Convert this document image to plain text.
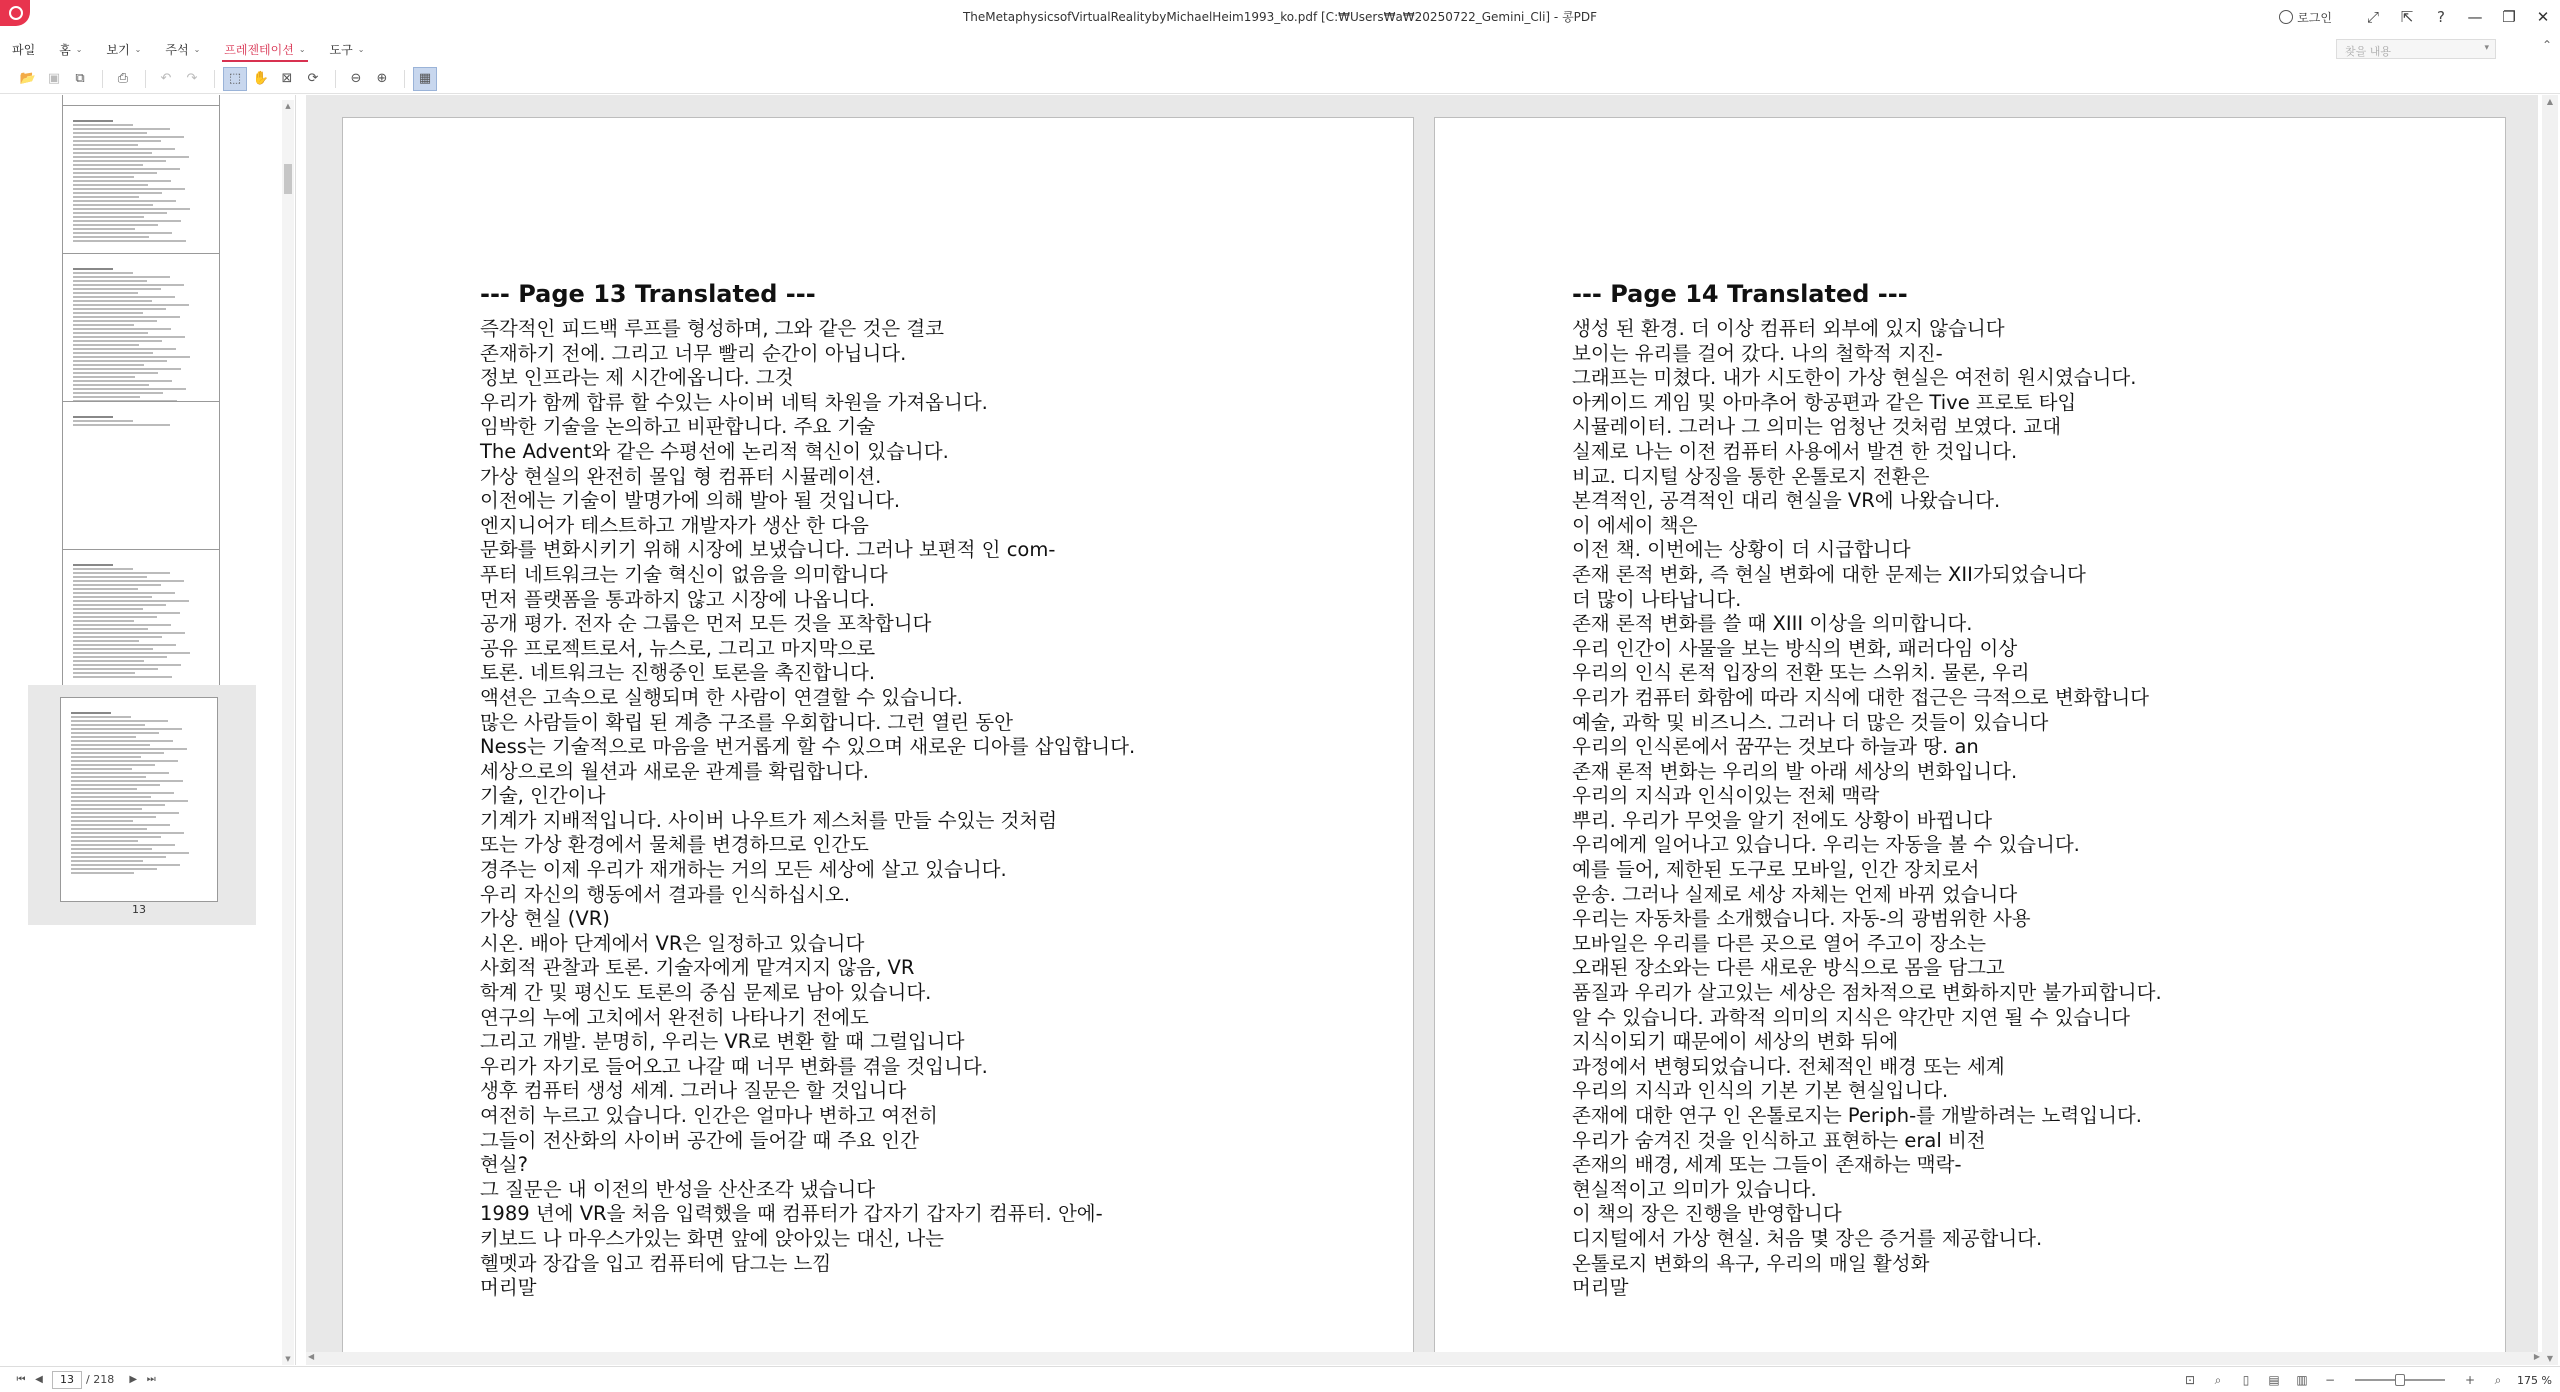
TheMetaphysicsofVirtualRealitybyMichaelHeim1993_ko.pdf [C:₩Users₩a₩20250722_Gemini_Cli] - 콩PDF	로그인	⤢	⇱	?	—	❐	✕
파일 홈 ⌄ 보기 ⌄ 주석 ⌄ 프레젠테이션 ⌄ 도구 ⌄	찾을 내용	▾	⌃
📂 ▣	⧉	⎙	↶	↷	⬚ ✋ ⊠	⟳	⊖	⊕	▦
13
▲
▼
--- Page 13 Translated ---
즉각적인 피드백 루프를 형성하며, 그와 같은 것은 결코
존재하기 전에. 그리고 너무 빨리 순간이 아닙니다.
정보 인프라는 제 시간에옵니다. 그것
우리가 함께 합류 할 수있는 사이버 네틱 차원을 가져옵니다.
임박한 기술을 논의하고 비판합니다. 주요 기술
The Advent와 같은 수평선에 논리적 혁신이 있습니다.
가상 현실의 완전히 몰입 형 컴퓨터 시뮬레이션.
이전에는 기술이 발명가에 의해 발아 될 것입니다.
엔지니어가 테스트하고 개발자가 생산 한 다음
문화를 변화시키기 위해 시장에 보냈습니다. 그러나 보편적 인 com-
푸터 네트워크는 기술 혁신이 없음을 의미합니다
먼저 플랫폼을 통과하지 않고 시장에 나옵니다.
공개 평가. 전자 순 그룹은 먼저 모든 것을 포착합니다
공유 프로젝트로서, 뉴스로, 그리고 마지막으로
토론. 네트워크는 진행중인 토론을 촉진합니다.
액션은 고속으로 실행되며 한 사람이 연결할 수 있습니다.
많은 사람들이 확립 된 계층 구조를 우회합니다. 그런 열린 동안
Ness는 기술적으로 마음을 번거롭게 할 수 있으며 새로운 디아를 삽입합니다.
세상으로의 월션과 새로운 관계를 확립합니다.
기술, 인간이나
기계가 지배적입니다. 사이버 나우트가 제스처를 만들 수있는 것처럼
또는 가상 환경에서 물체를 변경하므로 인간도
경주는 이제 우리가 재개하는 거의 모든 세상에 살고 있습니다.
우리 자신의 행동에서 결과를 인식하십시오.
가상 현실 (VR)
시온. 배아 단계에서 VR은 일정하고 있습니다
사회적 관찰과 토론. 기술자에게 맡겨지지 않음, VR
학계 간 및 평신도 토론의 중심 문제로 남아 있습니다.
연구의 누에 고치에서 완전히 나타나기 전에도
그리고 개발. 분명히, 우리는 VR로 변환 할 때 그럴입니다
우리가 자기로 들어오고 나갈 때 너무 변화를 겪을 것입니다.
생후 컴퓨터 생성 세계. 그러나 질문은 할 것입니다
여전히 누르고 있습니다. 인간은 얼마나 변하고 여전히
그들이 전산화의 사이버 공간에 들어갈 때 주요 인간
현실?
그 질문은 내 이전의 반성을 산산조각 냈습니다
1989 년에 VR을 처음 입력했을 때 컴퓨터가 갑자기 갑자기 컴퓨터. 안에-
키보드 나 마우스가있는 화면 앞에 앉아있는 대신, 나는
헬멧과 장갑을 입고 컴퓨터에 담그는 느낌
머리말
--- Page 14 Translated ---
생성 된 환경. 더 이상 컴퓨터 외부에 있지 않습니다
보이는 유리를 걸어 갔다. 나의 철학적 지진-
그래프는 미쳤다. 내가 시도한이 가상 현실은 여전히 원시였습니다.
아케이드 게임 및 아마추어 항공편과 같은 Tive 프로토 타입
시뮬레이터. 그러나 그 의미는 엄청난 것처럼 보였다. 교대
실제로 나는 이전 컴퓨터 사용에서 발견 한 것입니다.
비교. 디지털 상징을 통한 온톨로지 전환은
본격적인, 공격적인 대리 현실을 VR에 나왔습니다.
이 에세이 책은
이전 책. 이번에는 상황이 더 시급합니다
존재 론적 변화, 즉 현실 변화에 대한 문제는 XII가되었습니다
더 많이 나타납니다.
존재 론적 변화를 쓸 때 XIII 이상을 의미합니다.
우리 인간이 사물을 보는 방식의 변화, 패러다임 이상
우리의 인식 론적 입장의 전환 또는 스위치. 물론, 우리
우리가 컴퓨터 화함에 따라 지식에 대한 접근은 극적으로 변화합니다
예술, 과학 및 비즈니스. 그러나 더 많은 것들이 있습니다
우리의 인식론에서 꿈꾸는 것보다 하늘과 땅. an
존재 론적 변화는 우리의 발 아래 세상의 변화입니다.
우리의 지식과 인식이있는 전체 맥락
뿌리. 우리가 무엇을 알기 전에도 상황이 바뀝니다
우리에게 일어나고 있습니다. 우리는 자동을 볼 수 있습니다.
예를 들어, 제한된 도구로 모바일, 인간 장치로서
운송. 그러나 실제로 세상 자체는 언제 바뀌 었습니다
우리는 자동차를 소개했습니다. 자동-의 광범위한 사용
모바일은 우리를 다른 곳으로 열어 주고이 장소는
오래된 장소와는 다른 새로운 방식으로 몸을 담그고
품질과 우리가 살고있는 세상은 점차적으로 변화하지만 불가피합니다.
알 수 있습니다. 과학적 의미의 지식은 약간만 지연 될 수 있습니다
지식이되기 때문에이 세상의 변화 뒤에
과정에서 변형되었습니다. 전체적인 배경 또는 세계
우리의 지식과 인식의 기본 기본 현실입니다.
존재에 대한 연구 인 온톨로지는 Periph-를 개발하려는 노력입니다.
우리가 숨겨진 것을 인식하고 표현하는 eral 비전
존재의 배경, 세계 또는 그들이 존재하는 맥락-
현실적이고 의미가 있습니다.
이 책의 장은 진행을 반영합니다
디지털에서 가상 현실. 처음 몇 장은 증거를 제공합니다.
온톨로지 변화의 욕구, 우리의 매일 활성화
머리말
▲
▼
◀	▶
⏮ ◀	13	/ 218	▶ ⏭	⊡	⌕	▯	▤ ▥	−	+	⌕	175 %
